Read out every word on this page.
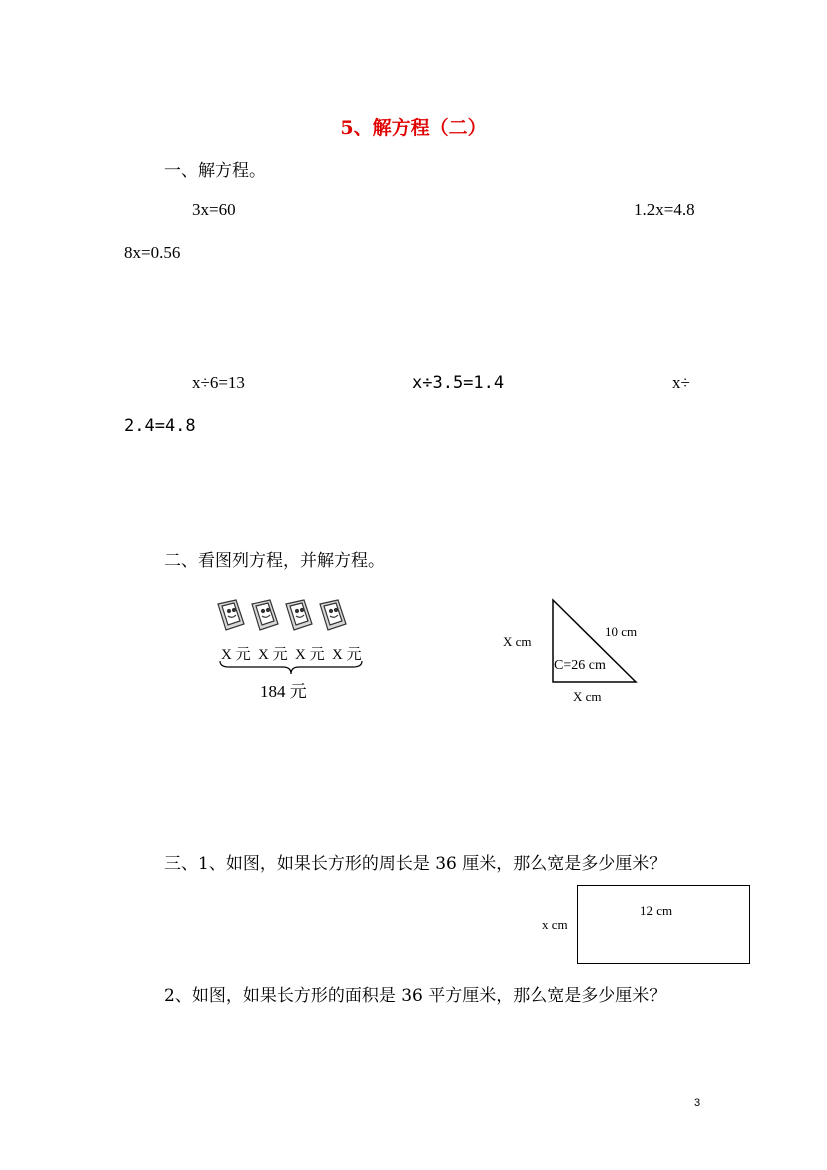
5、解方程（二）
一、解方程。
3x=60	1.2x=4.8
8x=0.56
x÷6=13	x÷3.5=1.4	x÷
2.4=4.8
二、看图列方程，并解方程。
X 元 X 元 X 元 X 元
184 元
X cm
10 cm
C=26 cm
X cm
三、1、如图，如果长方形的周长是 36 厘米，那么宽是多少厘米？
12 cm
x cm
2、如图，如果长方形的面积是 36 平方厘米，那么宽是多少厘米？
3
